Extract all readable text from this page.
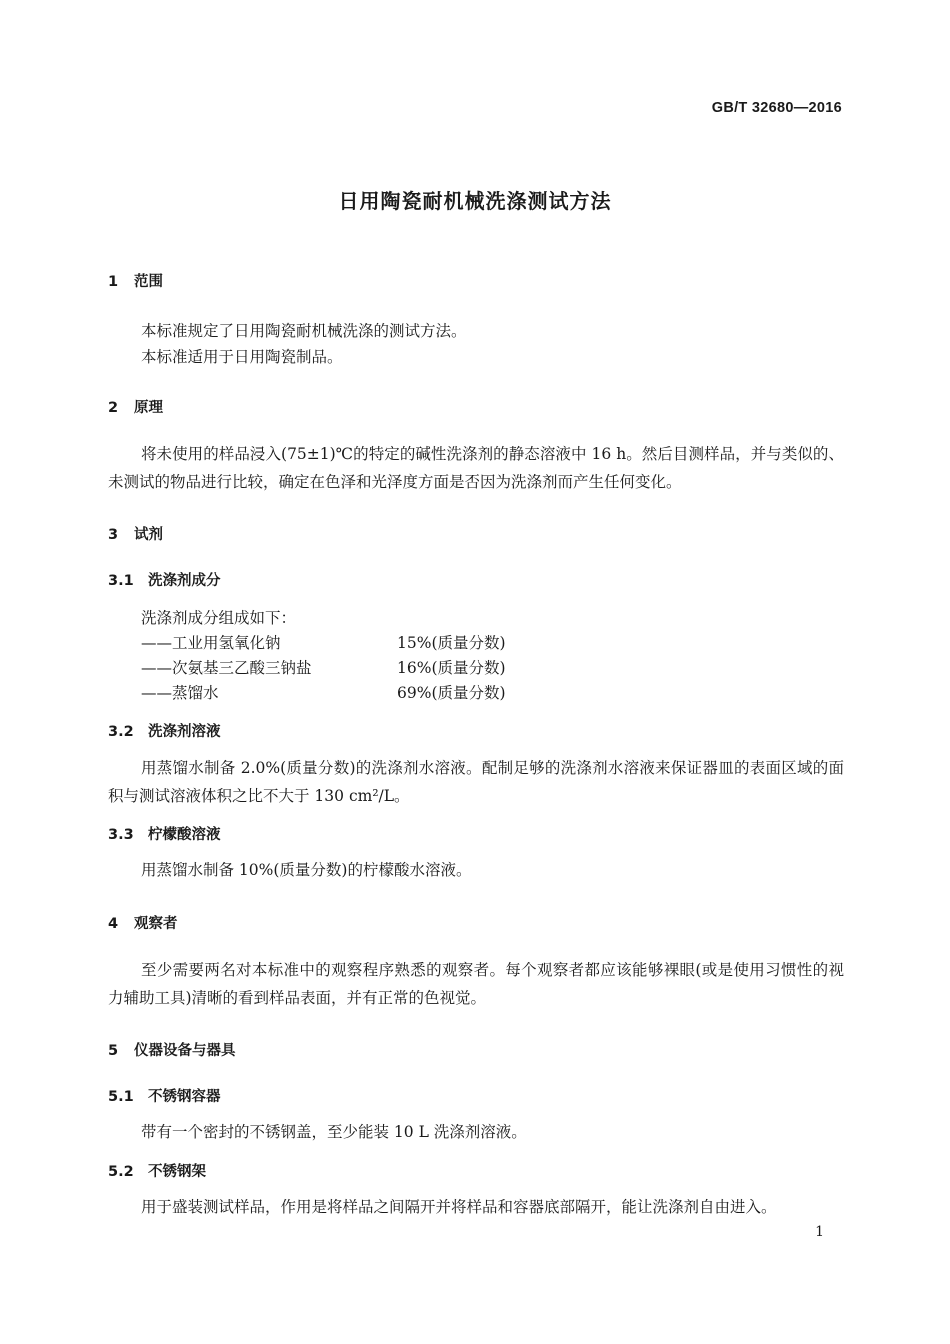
GB/T 32680—2016
日用陶瓷耐机械洗涤测试方法
1 范围
本标准规定了日用陶瓷耐机械洗涤的测试方法。
本标准适用于日用陶瓷制品。
2 原理
将未使用的样品浸入(75±1)℃的特定的碱性洗涤剂的静态溶液中 16 h。然后目测样品，并与类似的、未测试的物品进行比较，确定在色泽和光泽度方面是否因为洗涤剂而产生任何变化。
3 试剂
3.1 洗涤剂成分
洗涤剂成分组成如下：
——工业用氢氧化钠	15%(质量分数)
——次氨基三乙酸三钠盐	16%(质量分数)
——蒸馏水	69%(质量分数)
3.2 洗涤剂溶液
用蒸馏水制备 2.0%(质量分数)的洗涤剂水溶液。配制足够的洗涤剂水溶液来保证器皿的表面区域的面积与测试溶液体积之比不大于 130 cm²/L。
3.3 柠檬酸溶液
用蒸馏水制备 10%(质量分数)的柠檬酸水溶液。
4 观察者
至少需要两名对本标准中的观察程序熟悉的观察者。每个观察者都应该能够裸眼(或是使用习惯性的视力辅助工具)清晰的看到样品表面，并有正常的色视觉。
5 仪器设备与器具
5.1 不锈钢容器
带有一个密封的不锈钢盖，至少能装 10 L 洗涤剂溶液。
5.2 不锈钢架
用于盛装测试样品，作用是将样品之间隔开并将样品和容器底部隔开，能让洗涤剂自由进入。
1
